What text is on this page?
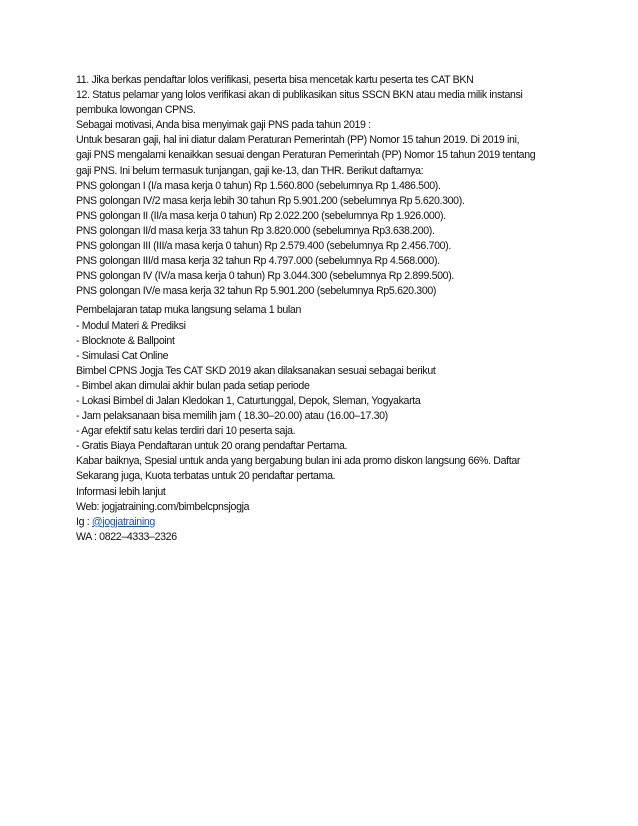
11. Jika berkas pendaftar lolos verifikasi, peserta bisa mencetak kartu peserta tes CAT BKN
12. Status pelamar yang lolos verifikasi akan di publikasikan situs SSCN BKN atau media milik instansi
pembuka lowongan CPNS.
Sebagai motivasi, Anda bisa menyimak gaji PNS pada tahun 2019 :
Untuk besaran gaji, hal ini diatur dalam Peraturan Pemerintah (PP) Nomor 15 tahun 2019. Di 2019 ini,
gaji PNS mengalami kenaikkan sesuai dengan Peraturan Pemerintah (PP) Nomor 15 tahun 2019 tentang
gaji PNS. Ini belum termasuk tunjangan, gaji ke-13, dan THR. Berikut daftarnya:
PNS golongan I (I/a masa kerja 0 tahun) Rp 1.560.800 (sebelumnya Rp 1.486.500).
PNS golongan IV/2 masa kerja lebih 30 tahun Rp 5.901.200 (sebelumnya Rp 5.620.300).
PNS golongan II (II/a masa kerja 0 tahun) Rp 2.022.200 (sebelumnya Rp 1.926.000).
PNS golongan II/d masa kerja 33 tahun Rp 3.820.000 (sebelumnya Rp3.638.200).
PNS golongan III (III/a masa kerja 0 tahun) Rp 2.579.400 (sebelumnya Rp 2.456.700).
PNS golongan III/d masa kerja 32 tahun Rp 4.797.000 (sebelumnya Rp 4.568.000).
PNS golongan IV (IV/a masa kerja 0 tahun) Rp 3.044.300 (sebelumnya Rp 2.899.500).
PNS golongan IV/e masa kerja 32 tahun Rp 5.901.200 (sebelumnya Rp5.620.300)
Pembelajaran tatap muka langsung selama 1 bulan
- Modul Materi & Prediksi
- Blocknote & Ballpoint
- Simulasi Cat Online
Bimbel CPNS Jogja Tes CAT SKD 2019 akan dilaksanakan sesuai sebagai berikut
- Bimbel akan dimulai akhir bulan pada setiap periode
- Lokasi Bimbel di Jalan Kledokan 1, Caturtunggal, Depok, Sleman, Yogyakarta
- Jam pelaksanaan bisa memilih jam ( 18.30–20.00) atau (16.00–17.30)
- Agar efektif satu kelas terdiri dari 10 peserta saja.
- Gratis Biaya Pendaftaran untuk 20 orang pendaftar Pertama.
Kabar baiknya, Spesial untuk anda yang bergabung bulan ini ada promo diskon langsung 66%. Daftar
Sekarang juga, Kuota terbatas untuk 20 pendaftar pertama.
Informasi lebih lanjut
Web: jogjatraining.com/bimbelcpnsjogja
Ig : @jogjatraining
WA : 0822–4333–2326
